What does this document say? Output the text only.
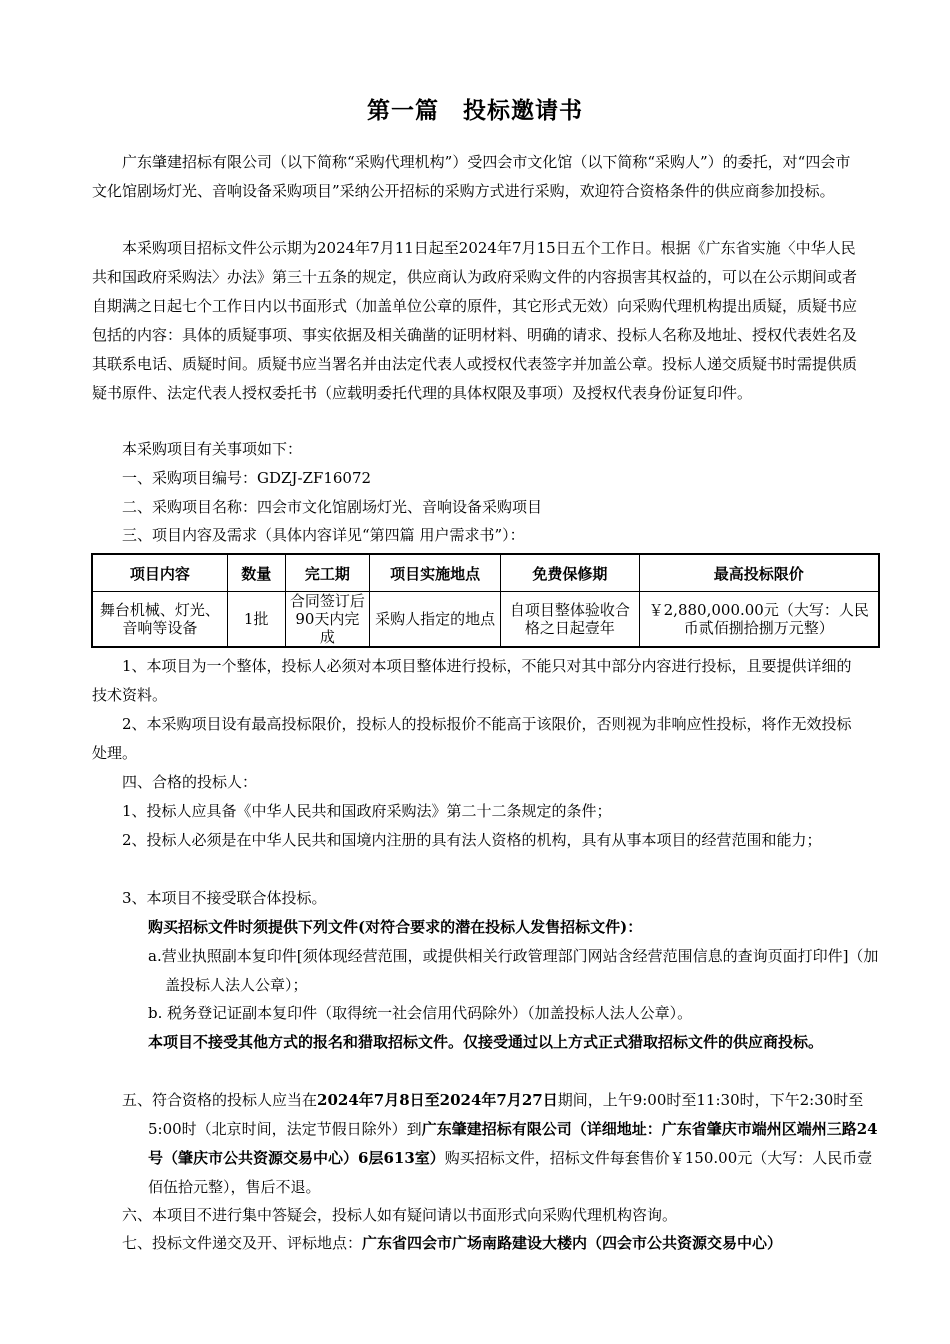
第一篇　投标邀请书

广东肇建招标有限公司（以下简称“采购代理机构”）受四会市文化馆（以下简称“采购人”）的委托，对“四会市文化馆剧场灯光、音响设备采购项目”采纳公开招标的采购方式进行采购，欢迎符合资格条件的供应商参加投标。

本采购项目招标文件公示期为2024年7月11日起至2024年7月15日五个工作日。根据《广东省实施〈中华人民共和国政府采购法〉办法》第三十五条的规定，供应商认为政府采购文件的内容损害其权益的，可以在公示期间或者自期满之日起七个工作日内以书面形式（加盖单位公章的原件，其它形式无效）向采购代理机构提出质疑，质疑书应包括的内容：具体的质疑事项、事实依据及相关确凿的证明材料、明确的请求、投标人名称及地址、授权代表姓名及其联系电话、质疑时间。质疑书应当署名并由法定代表人或授权代表签字并加盖公章。投标人递交质疑书时需提供质疑书原件、法定代表人授权委托书（应载明委托代理的具体权限及事项）及授权代表身份证复印件。

本采购项目有关事项如下：

一、采购项目编号：GDZJ-ZF16072

二、采购项目名称：四会市文化馆剧场灯光、音响设备采购项目

三、项目内容及需求（具体内容详见“第四篇 用户需求书”）：

项目内容	数量	完工期	项目实施地点	免费保修期	最高投标限价
舞台机械、灯光、音响等设备	1批	合同签订后90天内完成	采购人指定的地点	自项目整体验收合格之日起壹年	￥2,880,000.00元（大写：人民币贰佰捌拾捌万元整）

1、本项目为一个整体，投标人必须对本项目整体进行投标，不能只对其中部分内容进行投标，且要提供详细的技术资料。

2、本采购项目设有最高投标限价，投标人的投标报价不能高于该限价，否则视为非响应性投标，将作无效投标处理。

四、合格的投标人：

1、投标人应具备《中华人民共和国政府采购法》第二十二条规定的条件；

2、投标人必须是在中华人民共和国境内注册的具有法人资格的机构，具有从事本项目的经营范围和能力；

3、本项目不接受联合体投标。

购买招标文件时须提供下列文件(对符合要求的潜在投标人发售招标文件)：

a.营业执照副本复印件[须体现经营范围，或提供相关行政管理部门网站含经营范围信息的查询页面打印件]（加盖投标人法人公章）；

b. 税务登记证副本复印件（取得统一社会信用代码除外）（加盖投标人法人公章）。

本项目不接受其他方式的报名和猎取招标文件。仅接受通过以上方式正式猎取招标文件的供应商投标。

五、符合资格的投标人应当在2024年7月8日至2024年7月27日期间，上午9:00时至11:30时，下午2:30时至5:00时（北京时间，法定节假日除外）到广东肇建招标有限公司（详细地址：广东省肇庆市端州区端州三路24号（肇庆市公共资源交易中心）6层613室）购买招标文件，招标文件每套售价￥150.00元（大写：人民币壹佰伍拾元整），售后不退。

六、本项目不进行集中答疑会，投标人如有疑问请以书面形式向采购代理机构咨询。

七、投标文件递交及开、评标地点：广东省四会市广场南路建设大楼内（四会市公共资源交易中心）
